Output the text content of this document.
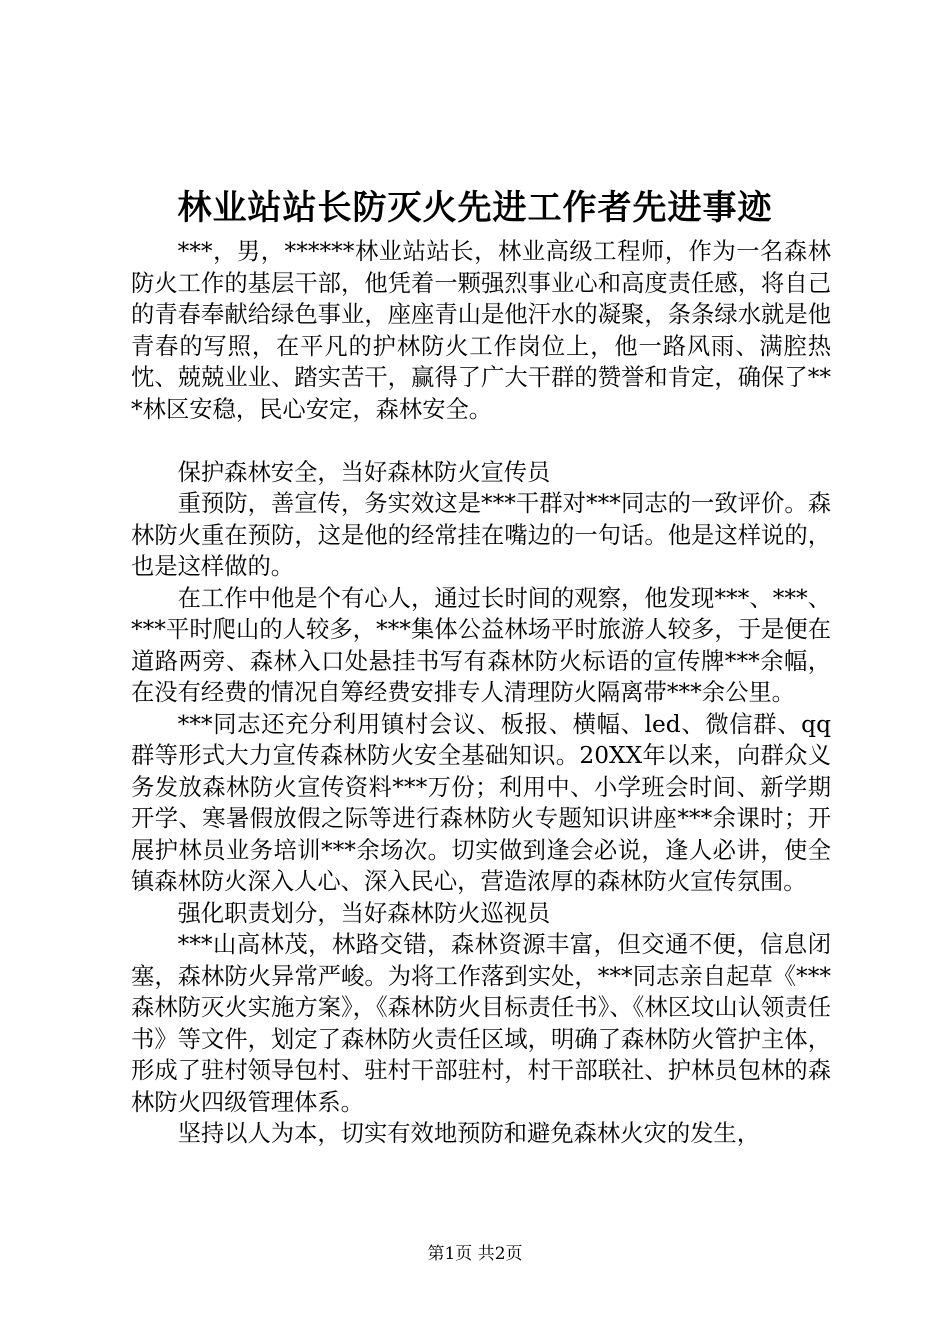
林业站站长防灭火先进工作者先进事迹

***，男，******林业站站长，林业高级工程师，作为一名森林防火工作的基层干部，他凭着一颗强烈事业心和高度责任感，将自己的青春奉献给绿色事业，座座青山是他汗水的凝聚，条条绿水就是他青春的写照，在平凡的护林防火工作岗位上，他一路风雨、满腔热忱、兢兢业业、踏实苦干，赢得了广大干群的赞誉和肯定，确保了***林区安稳，民心安定，森林安全。

保护森林安全，当好森林防火宣传员

重预防，善宣传，务实效这是***干群对***同志的一致评价。森林防火重在预防，这是他的经常挂在嘴边的一句话。他是这样说的，也是这样做的。

在工作中他是个有心人，通过长时间的观察，他发现***、***、***平时爬山的人较多，***集体公益林场平时旅游人较多，于是便在道路两旁、森林入口处悬挂书写有森林防火标语的宣传牌***余幅，在没有经费的情况自筹经费安排专人清理防火隔离带***余公里。

***同志还充分利用镇村会议、板报、横幅、led、微信群、qq群等形式大力宣传森林防火安全基础知识。20XX年以来，向群众义务发放森林防火宣传资料***万份；利用中、小学班会时间、新学期开学、寒暑假放假之际等进行森林防火专题知识讲座***余课时；开展护林员业务培训***余场次。切实做到逢会必说，逢人必讲，使全镇森林防火深入人心、深入民心，营造浓厚的森林防火宣传氛围。

强化职责划分，当好森林防火巡视员

***山高林茂，林路交错，森林资源丰富，但交通不便，信息闭塞，森林防火异常严峻。为将工作落到实处，***同志亲自起草《***森林防灭火实施方案》，《森林防火目标责任书》、《林区坟山认领责任书》等文件，划定了森林防火责任区域，明确了森林防火管护主体，形成了驻村领导包村、驻村干部驻村，村干部联社、护林员包林的森林防火四级管理体系。

坚持以人为本，切实有效地预防和避免森林火灾的发生，

第1页 共2页
